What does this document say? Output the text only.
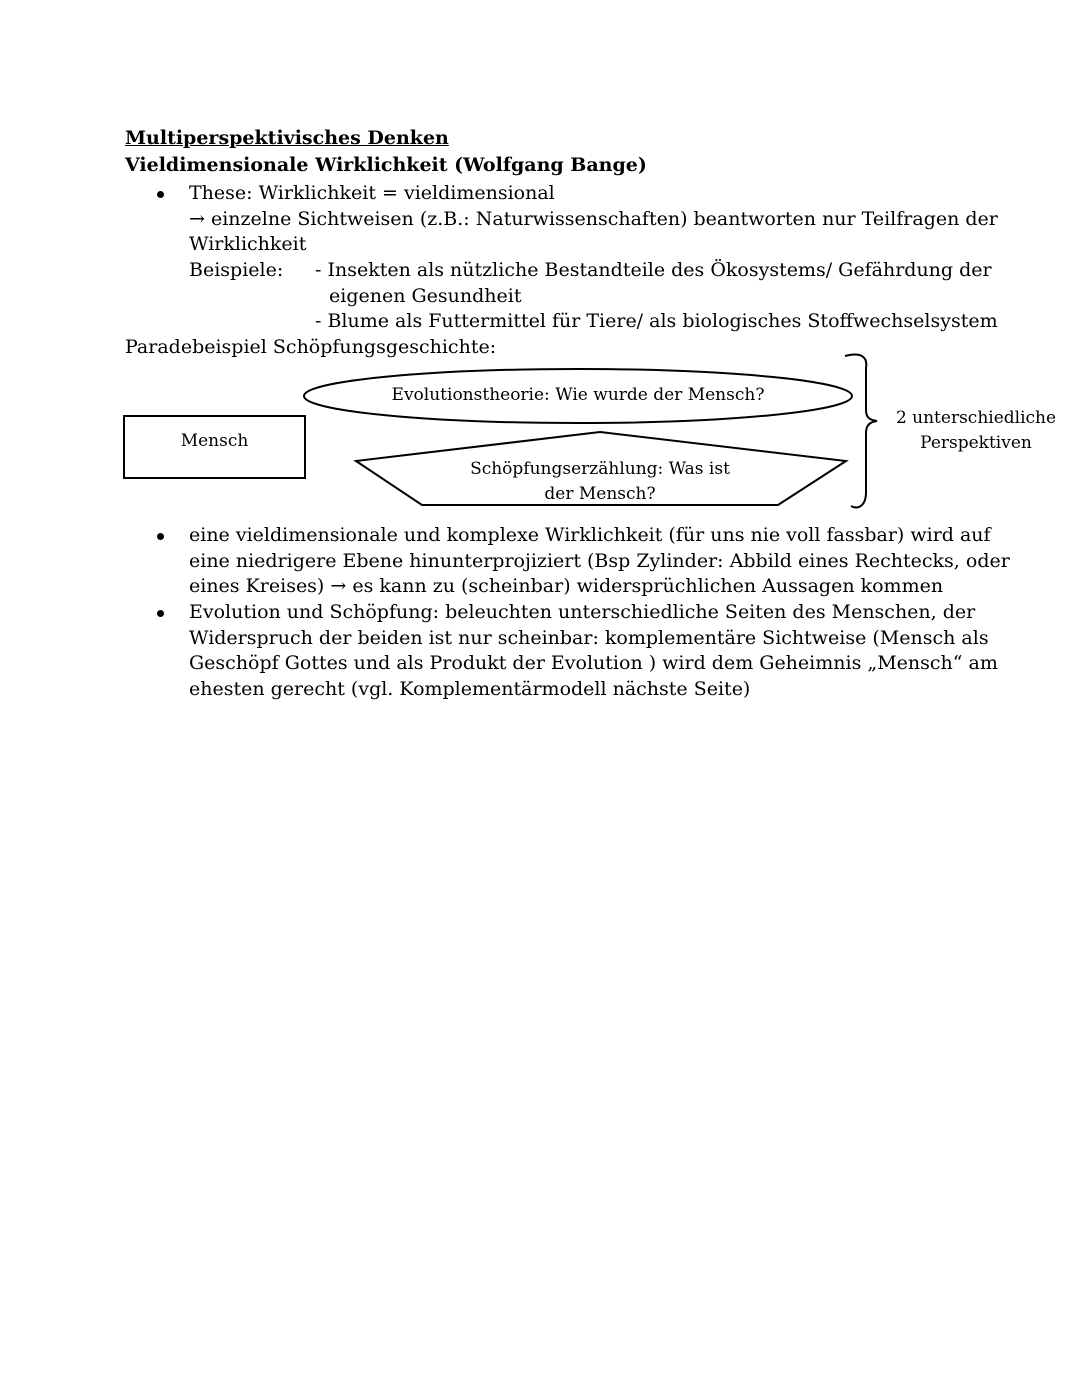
Multiperspektivisches Denken
Vieldimensionale Wirklichkeit (Wolfgang Bange)
These: Wirklichkeit = vieldimensional
→ einzelne Sichtweisen (z.B.: Naturwissenschaften) beantworten nur Teilfragen der
Wirklichkeit
Beispiele: - Insekten als nützliche Bestandteile des Ökosystems/ Gefährdung der
eigenen Gesundheit
- Blume als Futtermittel für Tiere/ als biologisches Stoffwechselsystem
Paradebeispiel Schöpfungsgeschichte:
Mensch
Evolutionstheorie: Wie wurde der Mensch?
Schöpfungserzählung: Was ist
der Mensch?
2 unterschiedliche
Perspektiven
eine vieldimensionale und komplexe Wirklichkeit (für uns nie voll fassbar) wird auf
eine niedrigere Ebene hinunterprojiziert (Bsp Zylinder: Abbild eines Rechtecks, oder
eines Kreises) → es kann zu (scheinbar) widersprüchlichen Aussagen kommen
Evolution und Schöpfung: beleuchten unterschiedliche Seiten des Menschen, der
Widerspruch der beiden ist nur scheinbar: komplementäre Sichtweise (Mensch als
Geschöpf Gottes und als Produkt der Evolution ) wird dem Geheimnis „Mensch“ am
ehesten gerecht (vgl. Komplementärmodell nächste Seite)
